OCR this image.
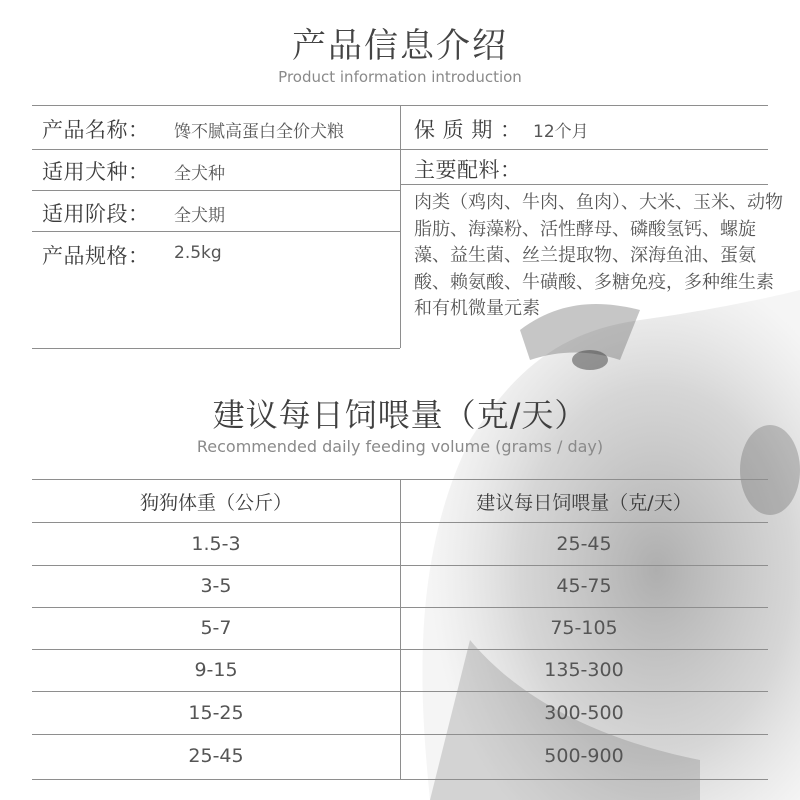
产品信息介绍
Product information introduction
产品名称： 馋不腻高蛋白全价犬粮
适用犬种： 全犬种
适用阶段： 全犬期
产品规格： 2.5kg
保 质 期 ： 12个月
主要配料：
肉类（鸡肉、牛肉、鱼肉）、大米、玉米、动物脂肪、海藻粉、活性酵母、磷酸氢钙、螺旋藻、益生菌、丝兰提取物、深海鱼油、蛋氨酸、赖氨酸、牛磺酸、多糖免疫，多种维生素和有机微量元素
建议每日饲喂量（克/天）
Recommended daily feeding volume (grams / day)
狗狗体重（公斤）	建议每日饲喂量（克/天）
1.5-3	25-45
3-5	45-75
5-7	75-105
9-15	135-300
15-25	300-500
25-45	500-900
